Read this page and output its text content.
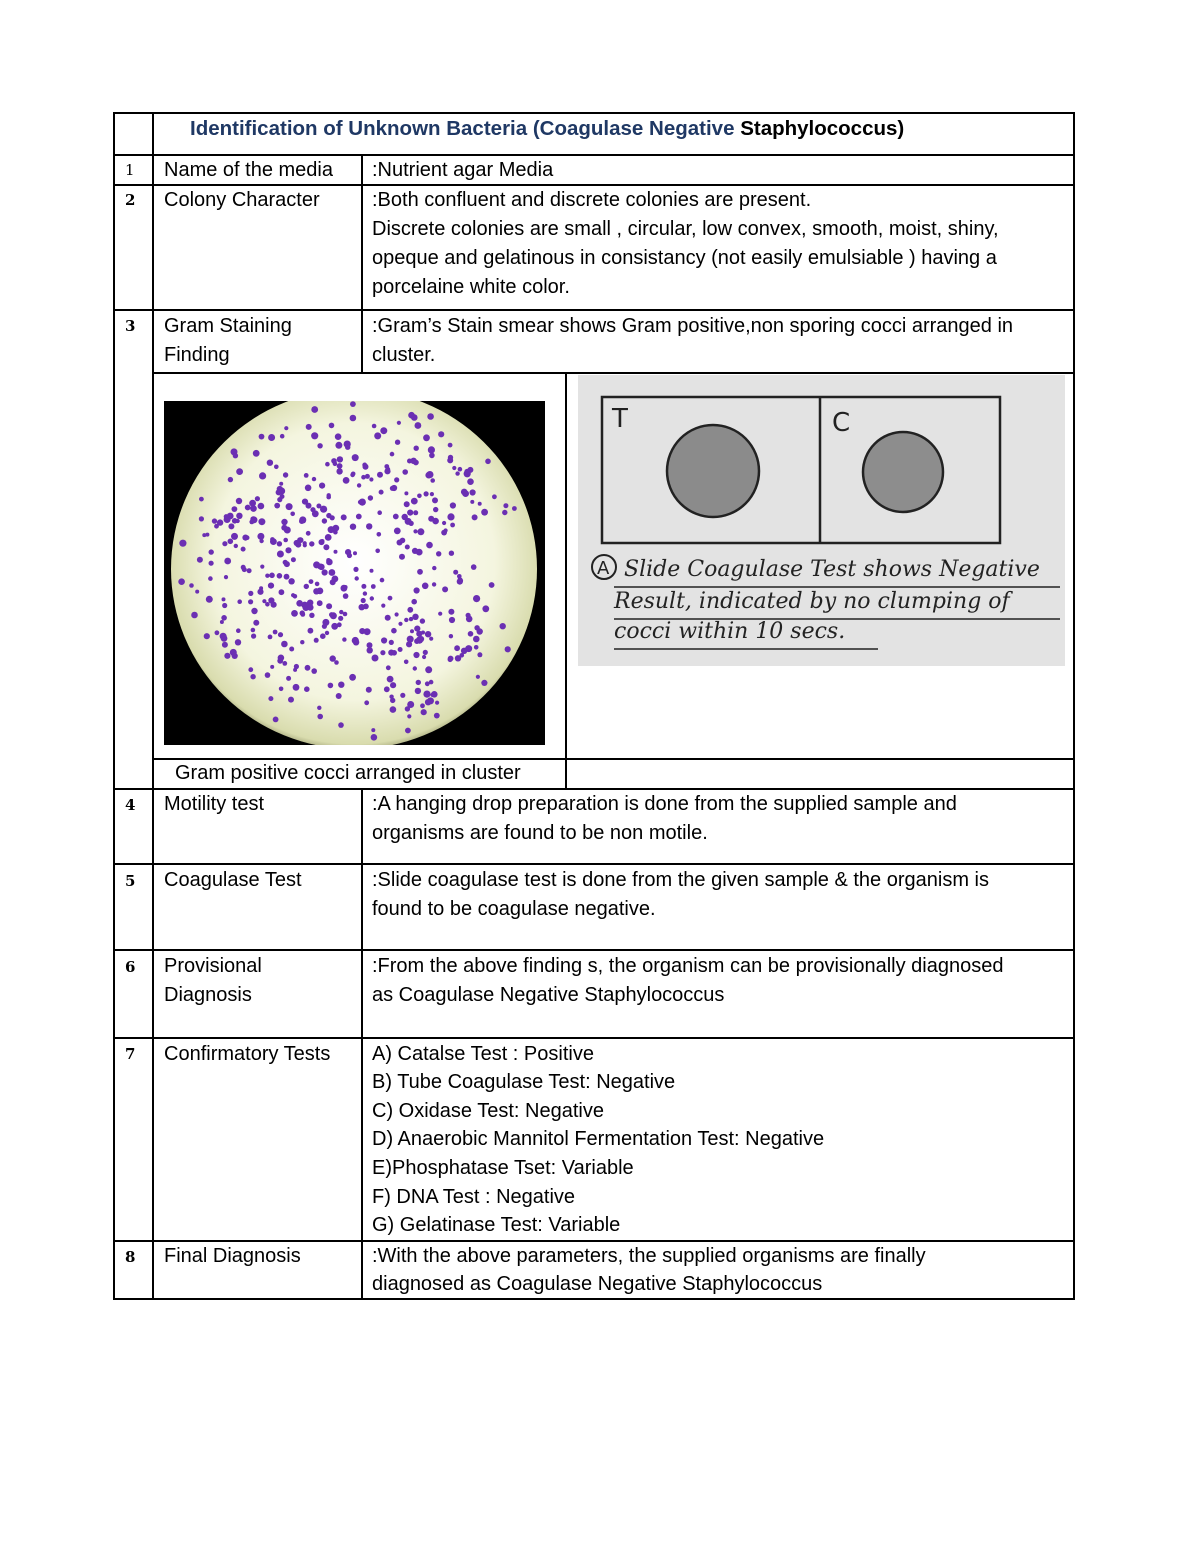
Identification of Unknown Bacteria (Coagulase Negative Staphylococcus)
1 Name of the media :Nutrient agar Media
2 Colony Character	:Both confluent and discrete colonies are present.
Discrete colonies are small , circular, low convex, smooth, moist, shiny,
opeque and gelatinous in consistancy (not easily emulsiable ) having a
porcelaine white color.
3 Gram Staining
Finding
:Gram’s Stain smear shows Gram positive,non sporing cocci arranged in
cluster.
T	C
A Slide Coagulase Test shows Negative
Result, indicated by no clumping of
cocci within 10 secs.
Gram positive cocci arranged in cluster
4 Motility test	:A hanging drop preparation is done from the supplied sample and
organisms are found to be non motile.
5 Coagulase Test	:Slide coagulase test is done from the given sample & the organism is
found to be coagulase negative.
6 Provisional
Diagnosis
:From the above finding s, the organism can be provisionally diagnosed
as Coagulase Negative Staphylococcus
7 Confirmatory Tests A) Catalse Test : Positive
B) Tube Coagulase Test: Negative
C) Oxidase Test: Negative
D) Anaerobic Mannitol Fermentation Test: Negative
E)Phosphatase Tset: Variable
F) DNA Test : Negative
G) Gelatinase Test: Variable
8 Final Diagnosis	:With the above parameters, the supplied organisms are finally
diagnosed as Coagulase Negative Staphylococcus
